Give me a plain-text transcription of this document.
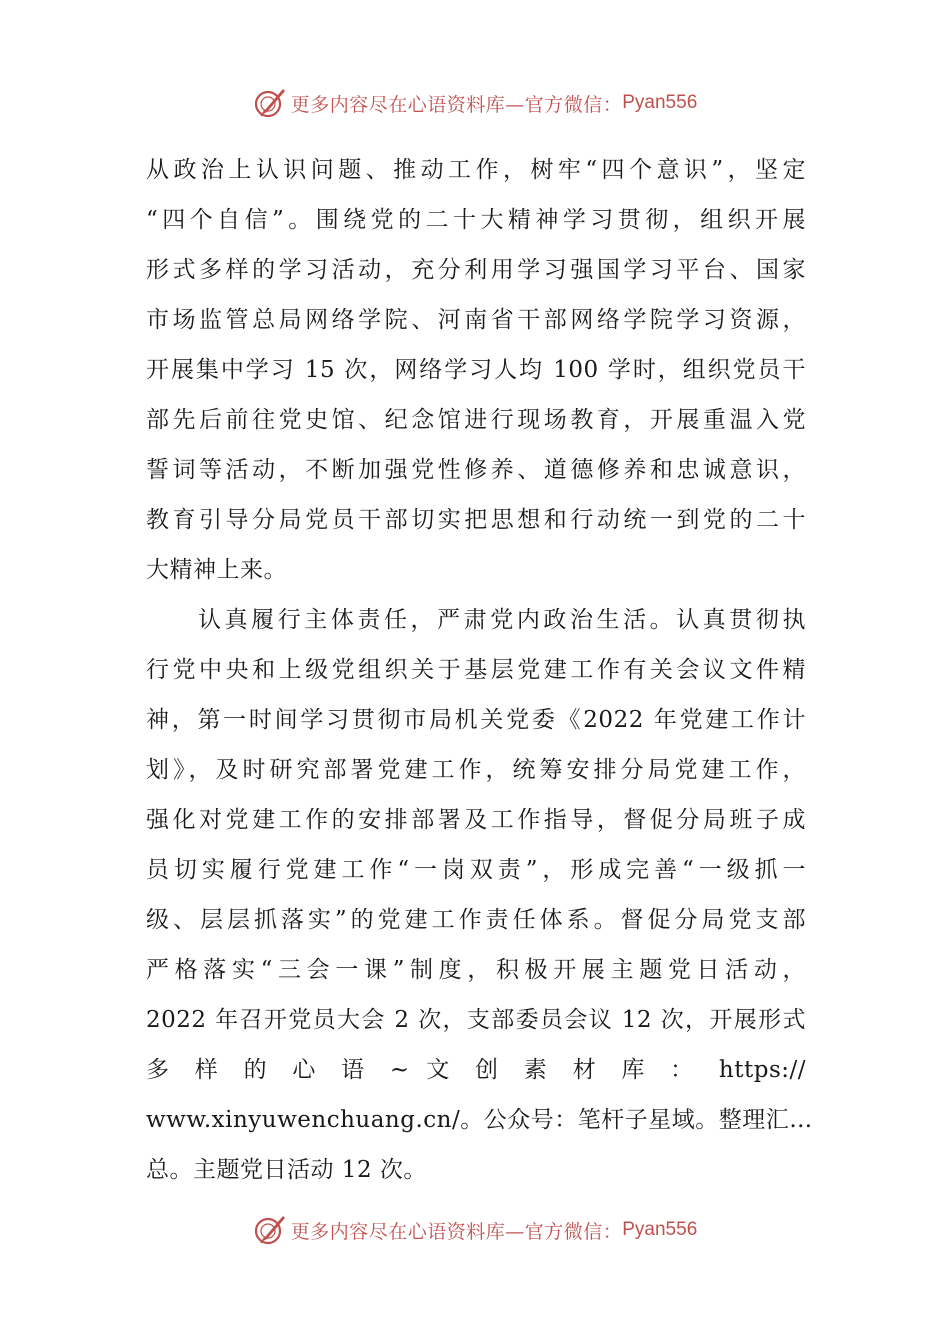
更多内容尽在心语资料库—官方微信： Pyan556
从政治上认识问题、推动工作，树牢“四个意识”，坚定
“四个自信”。围绕党的二十大精神学习贯彻，组织开展
形式多样的学习活动，充分利用学习强国学习平台、国家
市场监管总局网络学院、河南省干部网络学院学习资源，
开展集中学习 15 次，网络学习人均 100 学时，组织党员干
部先后前往党史馆、纪念馆进行现场教育，开展重温入党
誓词等活动，不断加强党性修养、道德修养和忠诚意识，
教育引导分局党员干部切实把思想和行动统一到党的二十
大精神上来。
认真履行主体责任，严肃党内政治生活。认真贯彻执
行党中央和上级党组织关于基层党建工作有关会议文件精
神，第一时间学习贯彻市局机关党委《2022 年党建工作计
划》，及时研究部署党建工作，统筹安排分局党建工作，
强化对党建工作的安排部署及工作指导，督促分局班子成
员切实履行党建工作“一岗双责”，形成完善“一级抓一
级、层层抓落实”的党建工作责任体系。督促分局党支部
严格落实“三会一课”制度，积极开展主题党日活动，
2022 年召开党员大会 2 次，支部委员会议 12 次，开展形式
多 样 的 心 语 ~ 文 创 素 材 库 ： https://
www.xinyuwenchuang.cn/。公众号：笔杆子星域。整理汇…
总。主题党日活动 12 次。
更多内容尽在心语资料库—官方微信： Pyan556
